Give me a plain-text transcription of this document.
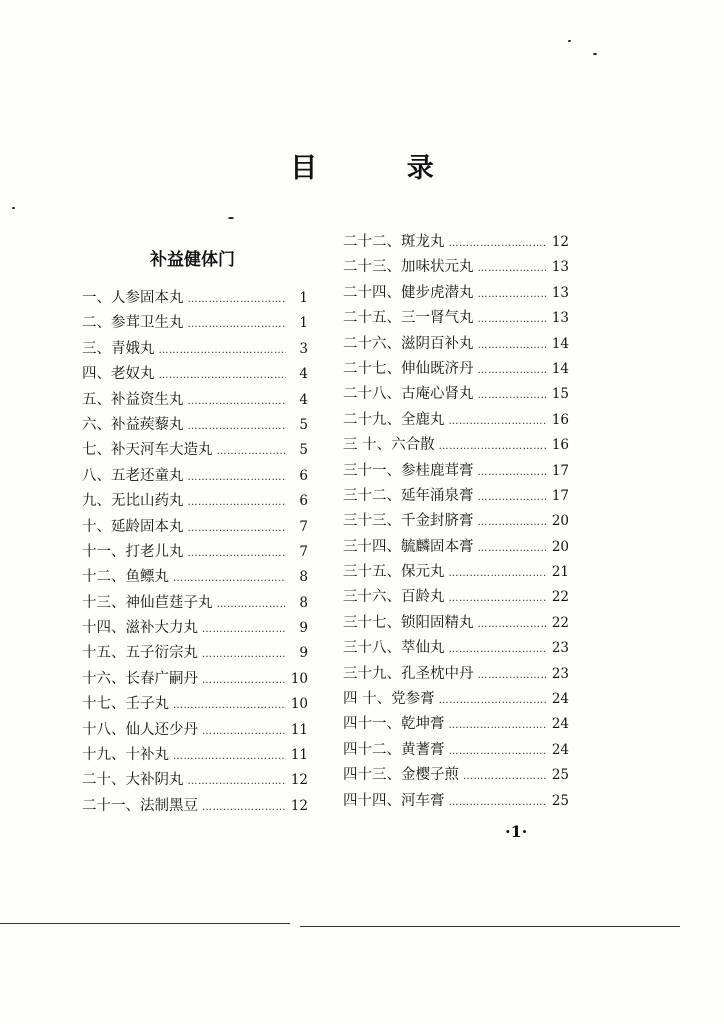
目 录
补益健体门
一、 人参固本丸 …………………………………………………………………………………………	1
二、 参茸卫生丸 …………………………………………………………………………………………	1
三、 青娥丸 …………………………………………………………………………………………	3
四、 老奴丸 …………………………………………………………………………………………	4
五、 补益资生丸 …………………………………………………………………………………………	4
六、 补益蒺藜丸 …………………………………………………………………………………………	5
七、 补天河车大造丸 …………………………………………………………………………………………	5
八、 五老还童丸 …………………………………………………………………………………………	6
九、 无比山药丸 …………………………………………………………………………………………	6
十、 延龄固本丸 …………………………………………………………………………………………	7
十一、 打老儿丸 …………………………………………………………………………………………	7
十二、 鱼鳔丸 …………………………………………………………………………………………	8
十三、 神仙苣莛子丸 …………………………………………………………………………………………	8
十四、 滋补大力丸 …………………………………………………………………………………………	9
十五、 五子衍宗丸 …………………………………………………………………………………………	9
十六、 长春广嗣丹 …………………………………………………………………………………………	10
十七、 壬子丸 …………………………………………………………………………………………	10
十八、 仙人还少丹 …………………………………………………………………………………………	11
十九、 十补丸 …………………………………………………………………………………………	11
二十、 大补阴丸 …………………………………………………………………………………………	12
二十一、 法制黑豆 …………………………………………………………………………………………	12
二十二、 斑龙丸 …………………………………………………………………………………………	12
二十三、 加味状元丸 …………………………………………………………………………………………	13
二十四、 健步虎潜丸 …………………………………………………………………………………………	13
二十五、 三一肾气丸 …………………………………………………………………………………………	13
二十六、 滋阴百补丸 …………………………………………………………………………………………	14
二十七、 伸仙既济丹 …………………………………………………………………………………………	14
二十八、 古庵心肾丸 …………………………………………………………………………………………	15
二十九、 全鹿丸 …………………………………………………………………………………………	16
三 十、 六合散 …………………………………………………………………………………………	16
三十一、 参桂鹿茸膏 …………………………………………………………………………………………	17
三十二、 延年涌泉膏 …………………………………………………………………………………………	17
三十三、 千金封脐膏 …………………………………………………………………………………………	20
三十四、 毓麟固本膏 …………………………………………………………………………………………	20
三十五、 保元丸 …………………………………………………………………………………………	21
三十六、 百龄丸 …………………………………………………………………………………………	22
三十七、 锁阳固精丸 …………………………………………………………………………………………	22
三十八、 萃仙丸 …………………………………………………………………………………………	23
三十九、 孔圣枕中丹 …………………………………………………………………………………………	23
四 十、 党参膏 …………………………………………………………………………………………	24
四十一、 乾坤膏 …………………………………………………………………………………………	24
四十二、 黄蓍膏 …………………………………………………………………………………………	24
四十三、 金樱子煎 …………………………………………………………………………………………	25
四十四、 河车膏 …………………………………………………………………………………………	25
·1·
